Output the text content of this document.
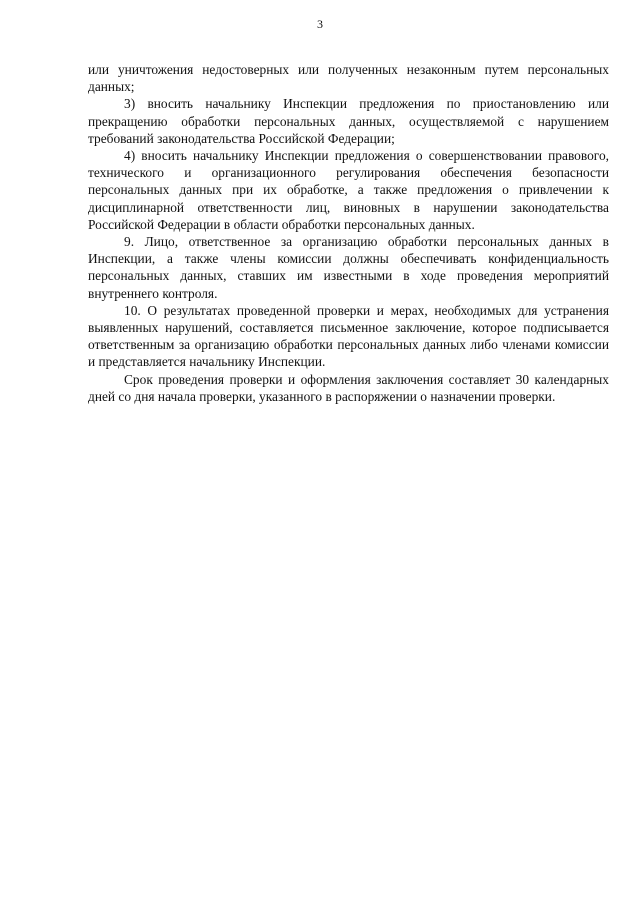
3

или уничтожения недостоверных или полученных незаконным путем персональных данных;

3) вносить начальнику Инспекции предложения по приостановлению или прекращению обработки персональных данных, осуществляемой с нарушением требований законодательства Российской Федерации;

4) вносить начальнику Инспекции предложения о совершенствовании правового, технического и организационного регулирования обеспечения безопасности персональных данных при их обработке, а также предложения о привлечении к дисциплинарной ответственности лиц, виновных в нарушении законодательства Российской Федерации в области обработки персональных данных.

9. Лицо, ответственное за организацию обработки персональных данных в Инспекции, а также члены комиссии должны обеспечивать конфиденциальность персональных данных, ставших им известными в ходе проведения мероприятий внутреннего контроля.

10. О результатах проведенной проверки и мерах, необходимых для устранения выявленных нарушений, составляется письменное заключение, которое подписывается ответственным за организацию обработки персональных данных либо членами комиссии и представляется начальнику Инспекции.

Срок проведения проверки и оформления заключения составляет 30 календарных дней со дня начала проверки, указанного в распоряжении о назначении проверки.
